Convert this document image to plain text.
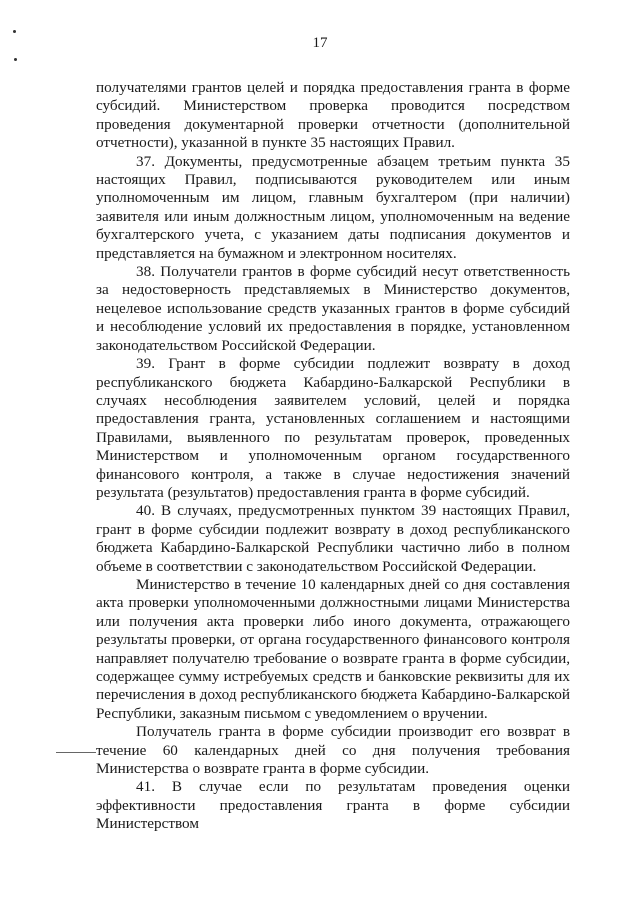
17

получателями грантов целей и порядка предоставления гранта в форме субсидий. Министерством проверка проводится посредством проведения документарной проверки отчетности (дополнительной отчетности), указанной в пункте 35 настоящих Правил.

37. Документы, предусмотренные абзацем третьим пункта 35 настоящих Правил, подписываются руководителем или иным уполномоченным им лицом, главным бухгалтером (при наличии) заявителя или иным должностным лицом, уполномоченным на ведение бухгалтерского учета, с указанием даты подписания документов и представляется на бумажном и электронном носителях.

38. Получатели грантов в форме субсидий несут ответственность за недостоверность представляемых в Министерство документов, нецелевое использование средств указанных грантов в форме субсидий и несоблюдение условий их предоставления в порядке, установленном законодательством Российской Федерации.

39. Грант в форме субсидии подлежит возврату в доход республиканского бюджета Кабардино-Балкарской Республики в случаях несоблюдения заявителем условий, целей и порядка предоставления гранта, установленных соглашением и настоящими Правилами, выявленного по результатам проверок, проведенных Министерством и уполномоченным органом государственного финансового контроля, а также в случае недостижения значений результата (результатов) предоставления гранта в форме субсидий.

40. В случаях, предусмотренных пунктом 39 настоящих Правил, грант в форме субсидии подлежит возврату в доход республиканского бюджета Кабардино-Балкарской Республики частично либо в полном объеме в соответствии с законодательством Российской Федерации.

Министерство в течение 10 календарных дней со дня составления акта проверки уполномоченными должностными лицами Министерства или получения акта проверки либо иного документа, отражающего результаты проверки, от органа государственного финансового контроля направляет получателю требование о возврате гранта в форме субсидии, содержащее сумму истребуемых средств и банковские реквизиты для их перечисления в доход республиканского бюджета Кабардино-Балкарской Республики, заказным письмом с уведомлением о вручении.

Получатель гранта в форме субсидии производит его возврат в течение 60 календарных дней со дня получения требования Министерства о возврате гранта в форме субсидии.

41. В случае если по результатам проведения оценки эффективности предоставления гранта в форме субсидии Министерством
